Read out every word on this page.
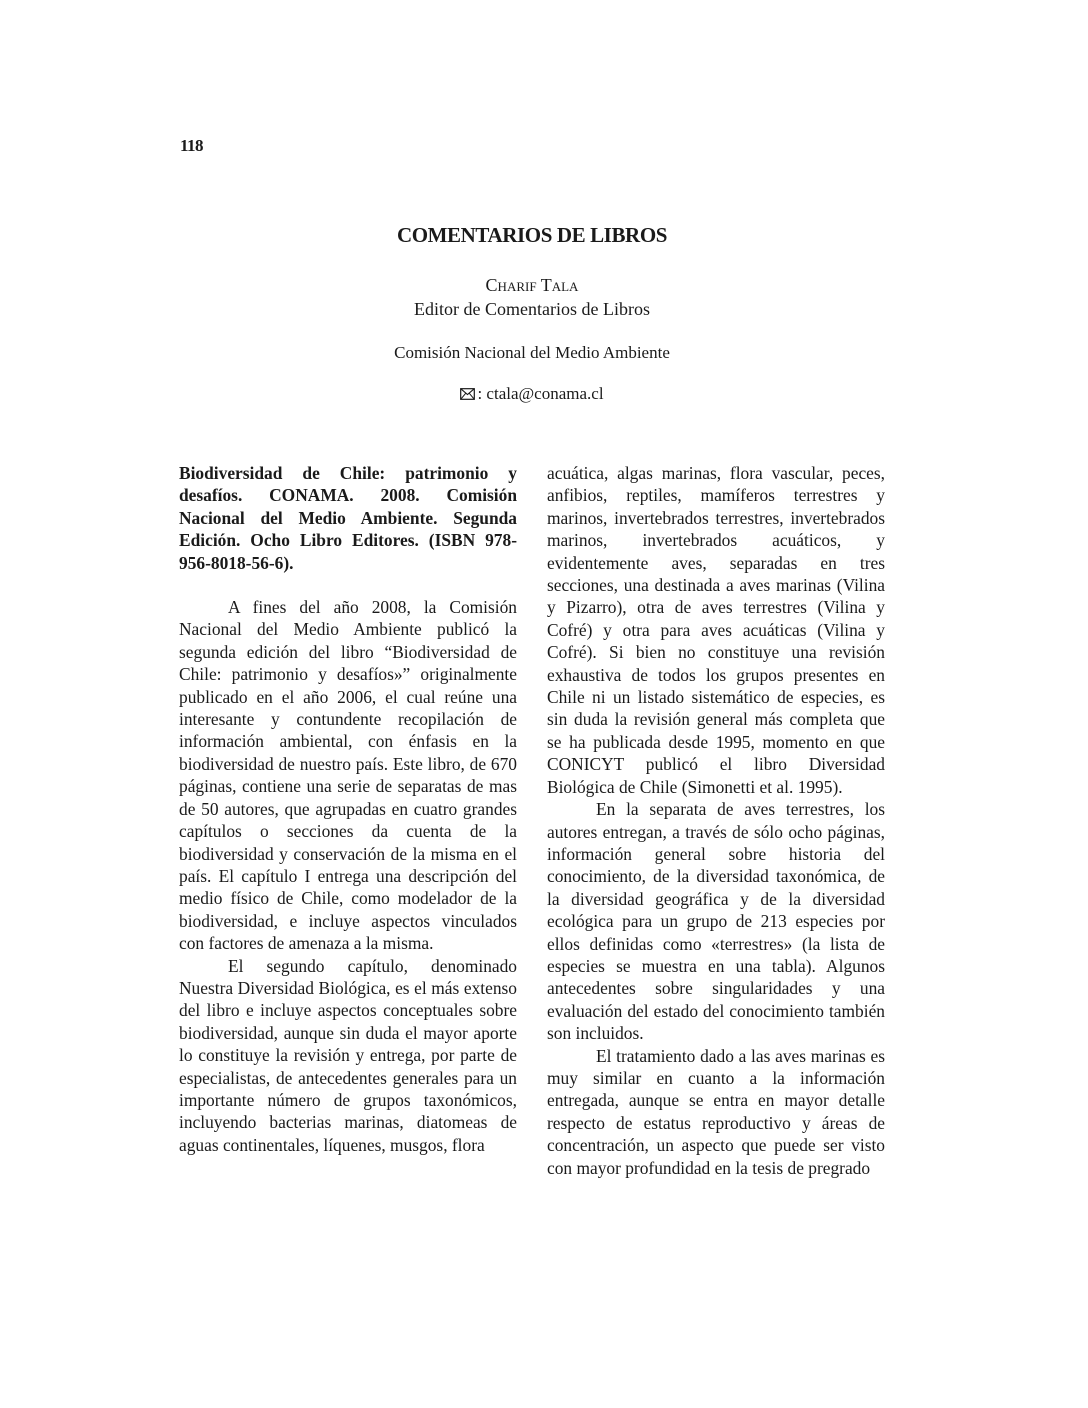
118
COMENTARIOS DE LIBROS
Charif Tala
Editor de Comentarios de Libros
Comisión Nacional del Medio Ambiente
: ctala@conama.cl

Biodiversidad de Chile: patrimonio y desafíos. CONAMA. 2008. Comisión Nacional del Medio Ambiente. Segunda Edición. Ocho Libro Editores. (ISBN 978-956-8018-56-6).

A fines del año 2008, la Comisión Nacional del Medio Ambiente publicó la segunda edición del libro “Biodiversidad de Chile: patrimonio y desafíos»” originalmente publicado en el año 2006, el cual reúne una interesante y contundente recopilación de información ambiental, con énfasis en la biodiversidad de nuestro país. Este libro, de 670 páginas, contiene una serie de separatas de mas de 50 autores, que agrupadas en cuatro grandes capítulos o secciones da cuenta de la biodiversidad y conservación de la misma en el país. El capítulo I entrega una descripción del medio físico de Chile, como modelador de la biodiversidad, e incluye aspectos vinculados con factores de amenaza a la misma.

El segundo capítulo, denominado Nuestra Diversidad Biológica, es el más extenso del libro e incluye aspectos conceptuales sobre biodiversidad, aunque sin duda el mayor aporte lo constituye la revisión y entrega, por parte de especialistas, de antecedentes generales para un importante número de grupos taxonómicos, incluyendo bacterias marinas, diatomeas de aguas continentales, líquenes, musgos, flora

acuática, algas marinas, flora vascular, peces, anfibios, reptiles, mamíferos terrestres y marinos, invertebrados terrestres, invertebrados marinos, invertebrados acuáticos, y evidentemente aves, separadas en tres secciones, una destinada a aves marinas (Vilina y Pizarro), otra de aves terrestres (Vilina y Cofré) y otra para aves acuáticas (Vilina y Cofré). Si bien no constituye una revisión exhaustiva de todos los grupos presentes en Chile ni un listado sistemático de especies, es sin duda la revisión general más completa que se ha publicada desde 1995, momento en que CONICYT publicó el libro Diversidad Biológica de Chile (Simonetti et al. 1995).

En la separata de aves terrestres, los autores entregan, a través de sólo ocho páginas, información general sobre historia del conocimiento, de la diversidad taxonómica, de la diversidad geográfica y de la diversidad ecológica para un grupo de 213 especies por ellos definidas como «terrestres» (la lista de especies se muestra en una tabla). Algunos antecedentes sobre singularidades y una evaluación del estado del conocimiento también son incluidos.

El tratamiento dado a las aves marinas es muy similar en cuanto a la información entregada, aunque se entra en mayor detalle respecto de estatus reproductivo y áreas de concentración, un aspecto que puede ser visto con mayor profundidad en la tesis de pregrado
